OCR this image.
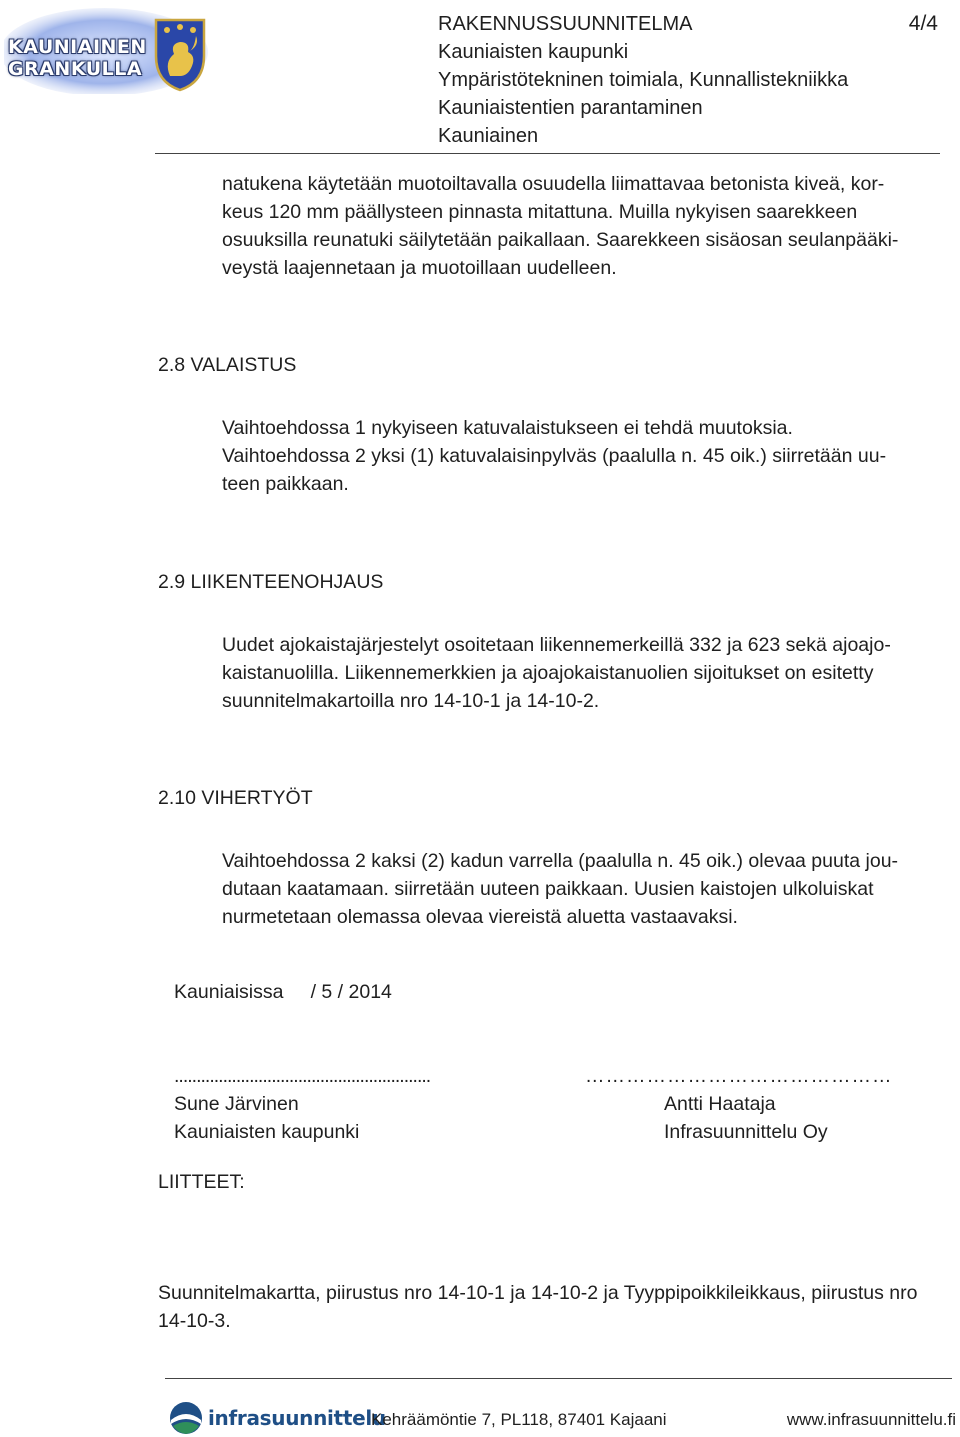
KAUNIAINEN
GRANKULLA
RAKENNUSSUUNNITELMA
Kauniaisten kaupunki
Ympäristötekninen toimiala, Kunnallistekniikka
Kauniaistentien parantaminen
Kauniainen
4/4
natukena käytetään muotoiltavalla osuudella liimattavaa betonista kiveä, kor-
keus 120 mm päällysteen pinnasta mitattuna. Muilla nykyisen saarekkeen
osuuksilla reunatuki säilytetään paikallaan. Saarekkeen sisäosan seulanpääki-
veystä laajennetaan ja muotoillaan uudelleen.
2.8 VALAISTUS
Vaihtoehdossa 1 nykyiseen katuvalaistukseen ei tehdä muutoksia.
Vaihtoehdossa 2 yksi (1) katuvalaisinpylväs (paalulla n. 45 oik.) siirretään uu-
teen paikkaan.
2.9 LIIKENTEENOHJAUS
Uudet ajokaistajärjestelyt osoitetaan liikennemerkeillä 332 ja 623 sekä ajoajo-
kaistanuolilla. Liikennemerkkien ja ajoajokaistanuolien sijoitukset on esitetty
suunnitelmakartoilla nro 14-10-1 ja 14-10-2.
2.10 VIHERTYÖT
Vaihtoehdossa 2 kaksi (2) kadun varrella (paalulla n. 45 oik.) olevaa puuta jou-
dutaan kaatamaan. siirretään uuteen paikkaan. Uusien kaistojen ulkoluiskat
nurmetetaan olemassa olevaa viereistä aluetta vastaavaksi.
Kauniaisissa     / 5 / 2014
..........................................................
Sune Järvinen
Kauniaisten kaupunki
………………………………………
Antti Haataja
Infrasuunnittelu Oy
LIITTEET:
Suunnitelmakartta, piirustus nro 14-10-1 ja 14-10-2 ja Tyyppipoikkileikkaus, piirustus nro
14-10-3.
infrasuunnittelu
Kehräämöntie 7, PL118, 87401 Kajaani	www.infrasuunnittelu.fi
